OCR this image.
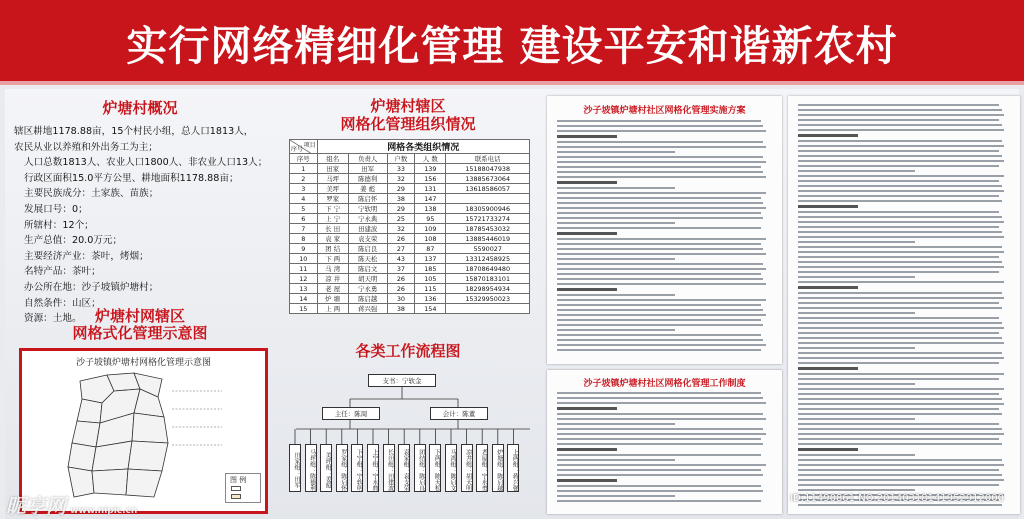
实行网络精细化管理 建设平安和谐新农村
炉塘村概况
辖区耕地1178.88亩，15个村民小组，总人口1813人，
农民从业以养殖和外出务工为主；
人口总数1813人、农业人口1800人、非农业人口13人；
行政区面积15.0平方公里、耕地面积1178.88亩；
主要民族成分：土家族、苗族；
发展口号：0；
所辖村：12个；
生产总值：20.0万元；
主要经济产业：茶叶，烤烟；
名特产品：茶叶；
办公所在地：沙子坡镇炉塘村；
自然条件：山区；
资源：土地。 炉塘村网辖区
网格式化管理示意图
沙子坡镇炉塘村网格化管理示意图
图 例
炉塘村辖区
网格化管理组织情况
项目
序号	网格各类组织情况				
序号	组名	负责人	户数	人 数	联系电话
1	田家	田军	33	139	15188047938
2	马坪	陈德利	32	156	13885673064
3	美坪	姜 彪	29	131	13618586057
4	罗家	陈启怀	38	147	
5	下 宁	宁软明	29	138	18305900946
6	上 宁	宁永典	25	95	15721733274
7	长 田	田建波	32	109	18785453032
8	袁 家	袁支荣	26	108	13885446019
9	团 结	陈启良	27	87	5590027
10	下 两	陈天松	43	137	13312458925
11	马 湾	陈启文	37	185	18708649480
12	凉 井	胡天明	26	105	15870183101
13	老 屋	宁永勇	26	115	18298954934
14	炉 塘	陈启越	30	136	15329950023
15	上 两	蒋兴强	38	154	
各类工作流程图
支书：宁软金
主任：陈周	会计：陈董
田家组：田军	马坪组：陈德利	美坪组：姜彪	罗家组：陈启怀	下宁组：宁软明	上宁组：宁永典	长田组：田建波	袁家组：袁支荣	团结组：陈启良	下两组：陈天松	马湾组：陈启文	凉井组：胡天明	老屋组：宁永勇	炉塘组：陈启越	上两组：蒋兴强
沙子坡镇炉塘村社区网格化管理实施方案
沙子坡镇炉塘村社区网格化管理工作制度
昵享网 www.nipic.cn
ID:11490861 NO:20140318141952912000
